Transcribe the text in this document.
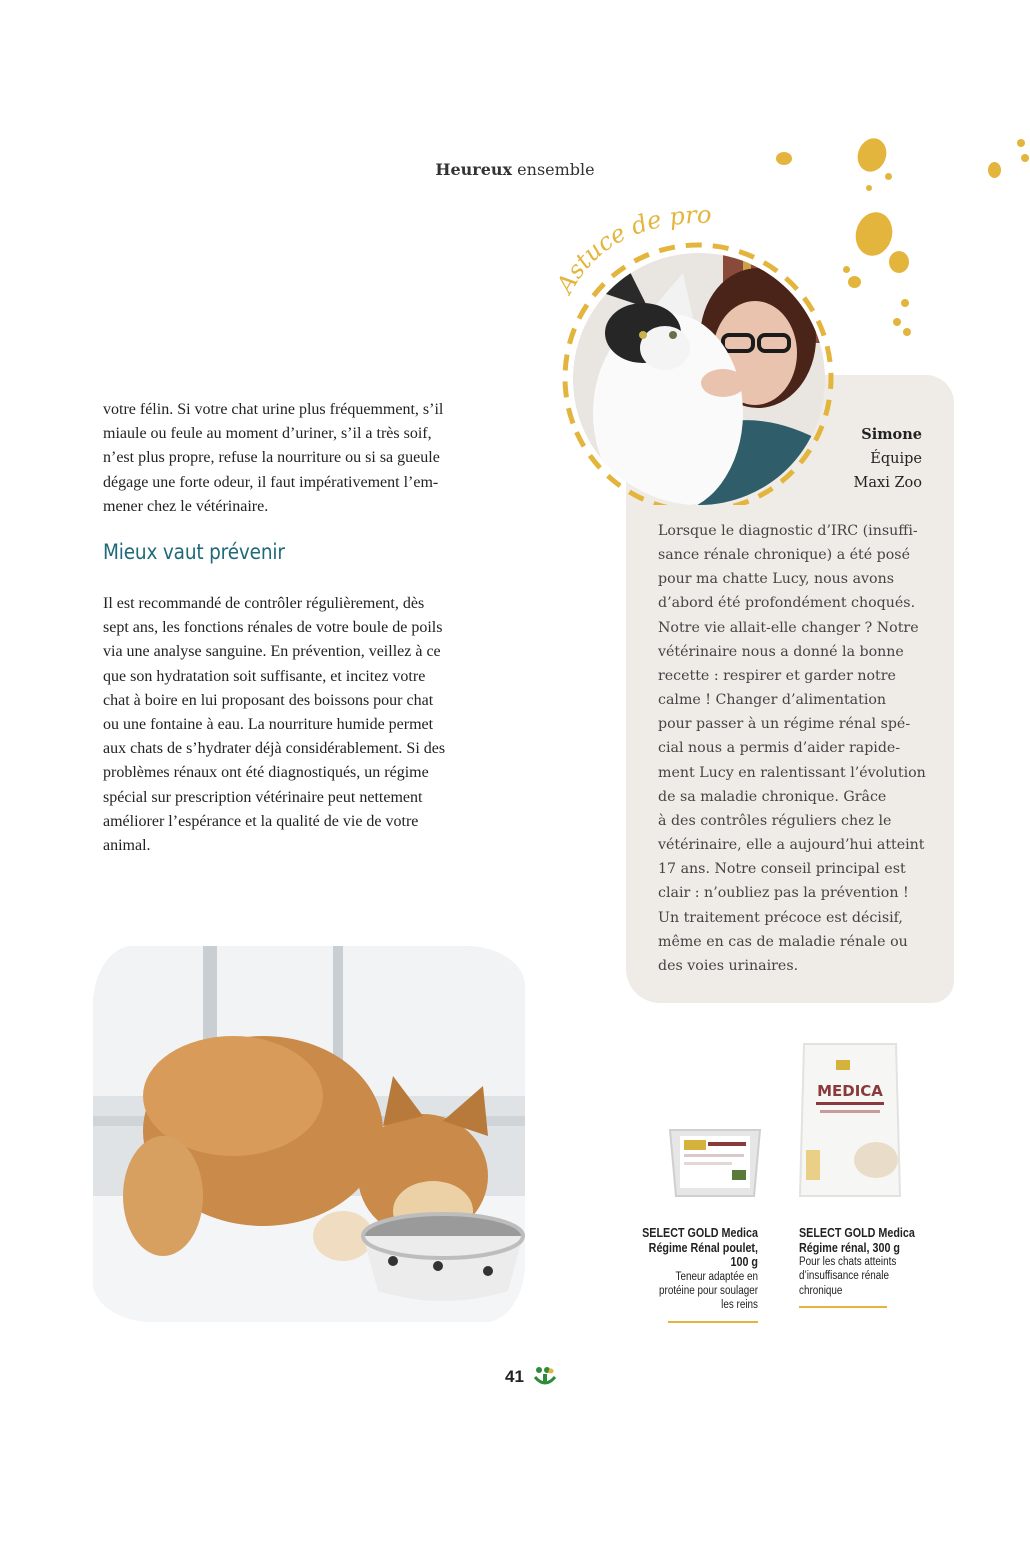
Heureux ensemble

votre félin. Si votre chat urine plus fréquemment, s’il

miaule ou feule au moment d’uriner, s’il a très soif,

n’est plus propre, refuse la nourriture ou si sa gueule

dégage une forte odeur, il faut impérativement l’em-

mener chez le vétérinaire.

Mieux vaut prévenir

Il est recommandé de contrôler régulièrement, dès

sept ans, les fonctions rénales de votre boule de poils

via une analyse sanguine. En prévention, veillez à ce

que son hydratation soit suffisante, et incitez votre

chat à boire en lui proposant des boissons pour chat

ou une fontaine à eau. La nourriture humide permet

aux chats de s’hydrater déjà considérablement. Si des

problèmes rénaux ont été diagnostiqués, un régime

spécial sur prescription vétérinaire peut nettement

améliorer l’espérance et la qualité de vie de votre

animal.

Astuce de pro
Simone
Équipe
Maxi Zoo

Lorsque le diagnostic d’IRC (insuffi-

sance rénale chronique) a été posé

pour ma chatte Lucy, nous avons

d’abord été profondément choqués.

Notre vie allait-elle changer ? Notre

vétérinaire nous a donné la bonne

recette : respirer et garder notre

calme ! Changer d’alimentation

pour passer à un régime rénal spé-

cial nous a permis d’aider rapide-

ment Lucy en ralentissant l’évolution

de sa maladie chronique. Grâce

à des contrôles réguliers chez le

vétérinaire, elle a aujourd’hui atteint

17 ans. Notre conseil principal est

clair : n’oubliez pas la prévention !

Un traitement précoce est décisif,

même en cas de maladie rénale ou

des voies urinaires.

MEDICA
SELECT GOLD Medica
Régime Rénal poulet,
100 g
Teneur adaptée en
protéine pour soulager
les reins
SELECT GOLD Medica
Régime rénal, 300 g
Pour les chats atteints
d’insuffisance rénale
chronique
41
